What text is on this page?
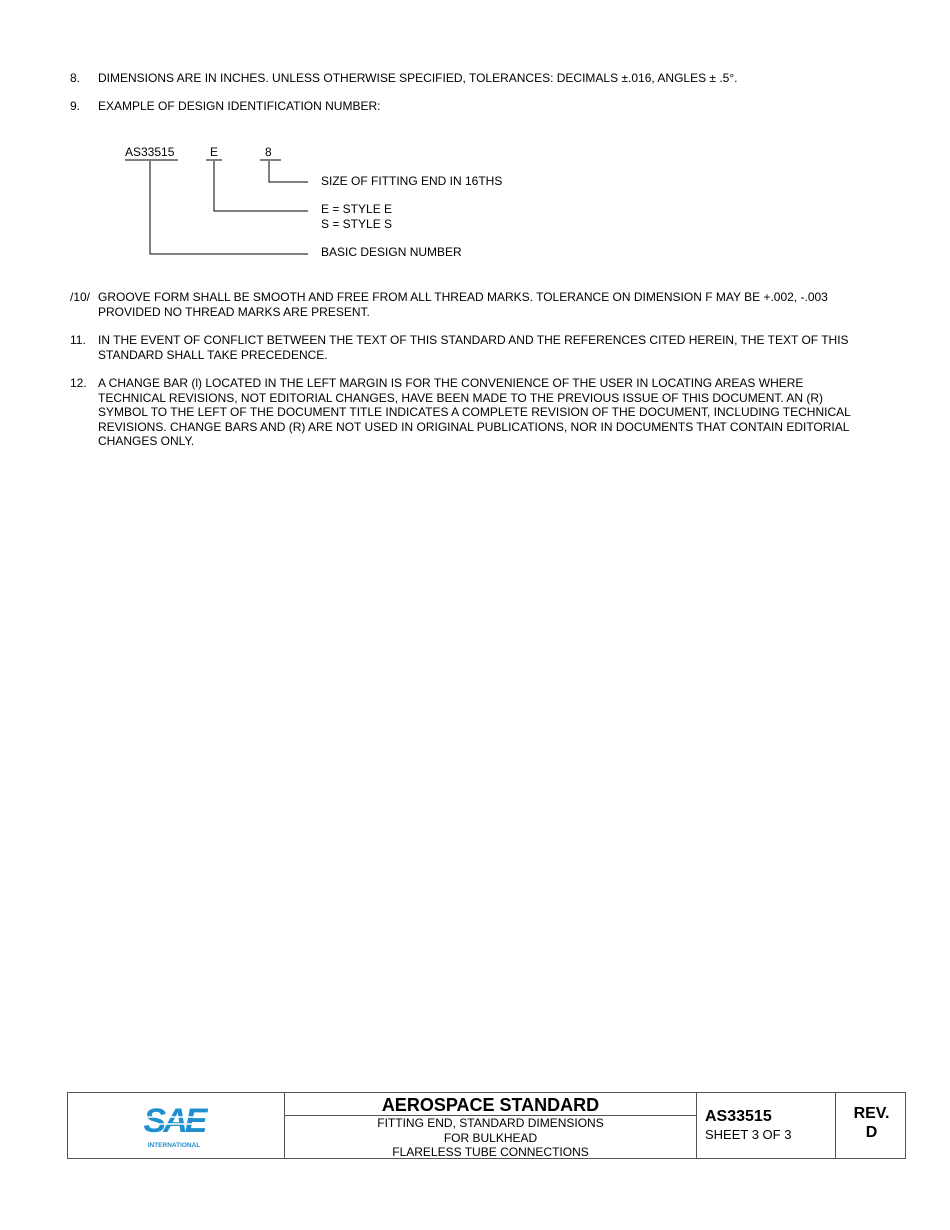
8. DIMENSIONS ARE IN INCHES. UNLESS OTHERWISE SPECIFIED, TOLERANCES: DECIMALS ±.016, ANGLES ± .5°.
9. EXAMPLE OF DESIGN IDENTIFICATION NUMBER:
AS33515	E	8
SIZE OF FITTING END IN 16THS
E = STYLE E
S = STYLE S
BASIC DESIGN NUMBER
/10/ GROOVE FORM SHALL BE SMOOTH AND FREE FROM ALL THREAD MARKS. TOLERANCE ON DIMENSION F MAY BE +.002, -.003 PROVIDED NO THREAD MARKS ARE PRESENT.
11. IN THE EVENT OF CONFLICT BETWEEN THE TEXT OF THIS STANDARD AND THE REFERENCES CITED HEREIN, THE TEXT OF THIS STANDARD SHALL TAKE PRECEDENCE.
12. A CHANGE BAR (l) LOCATED IN THE LEFT MARGIN IS FOR THE CONVENIENCE OF THE USER IN LOCATING AREAS WHERE TECHNICAL REVISIONS, NOT EDITORIAL CHANGES, HAVE BEEN MADE TO THE PREVIOUS ISSUE OF THIS DOCUMENT. AN (R) SYMBOL TO THE LEFT OF THE DOCUMENT TITLE INDICATES A COMPLETE REVISION OF THE DOCUMENT, INCLUDING TECHNICAL REVISIONS. CHANGE BARS AND (R) ARE NOT USED IN ORIGINAL PUBLICATIONS, NOR IN DOCUMENTS THAT CONTAIN EDITORIAL CHANGES ONLY.
SAE
INTERNATIONAL
AEROSPACE STANDARD
FITTING END, STANDARD DIMENSIONS
FOR BULKHEAD
FLARELESS TUBE CONNECTIONS
AS33515
SHEET 3 OF 3
REV.
D
